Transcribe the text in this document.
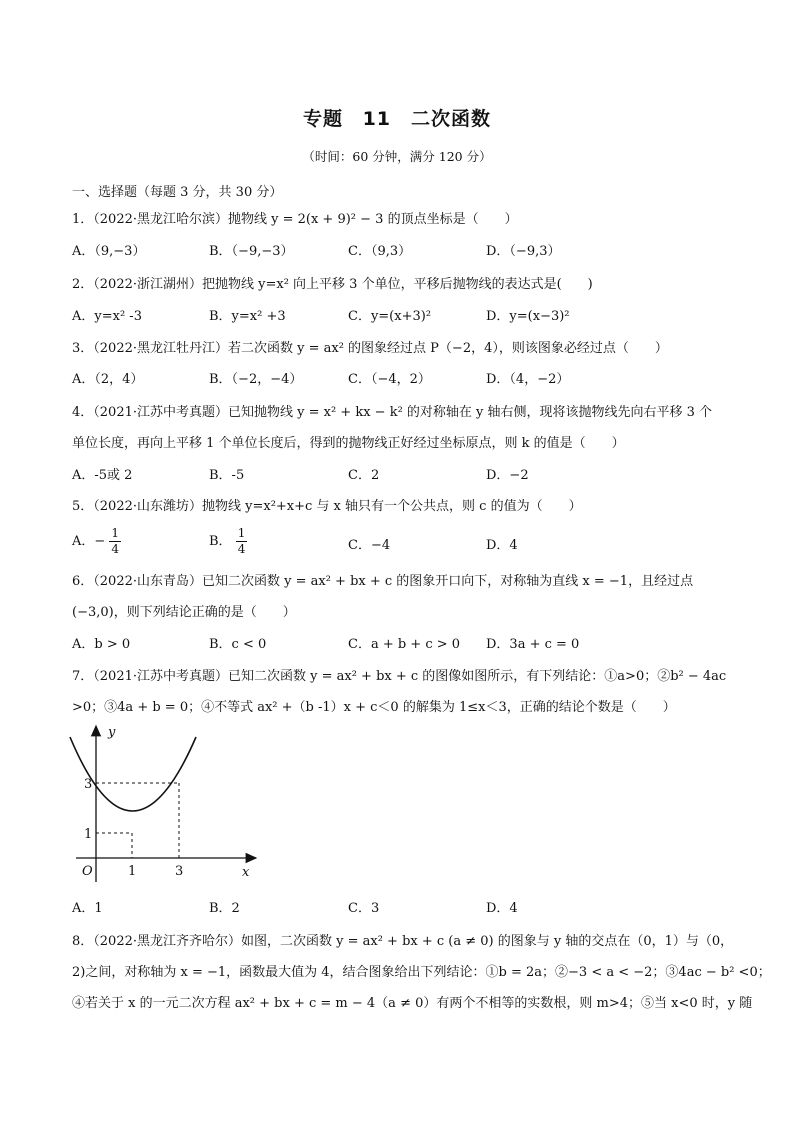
专题 11　二次函数
（时间：60 分钟，满分 120 分）
一、选择题（每题 3 分，共 30 分）
1．（2022·黑龙江哈尔滨）抛物线 y = 2(x + 9)² − 3 的顶点坐标是（　　）
A．（9,−3）	B．（−9,−3）	C．（9,3）	D．（−9,3）
2．（2022·浙江湖州）把抛物线 y=x² 向上平移 3 个单位，平移后抛物线的表达式是(　　)
A．y=x² -3	B．y=x² +3	C．y=(x+3)²	D．y=(x−3)²
3．（2022·黑龙江牡丹江）若二次函数 y = ax² 的图象经过点 P（−2，4），则该图象必经过点（　　）
A．（2，4）	B．（−2，−4）	C．（−4，2）	D．（4，−2）
4．（2021·江苏中考真题）已知抛物线 y = x² + kx − k² 的对称轴在 y 轴右侧，现将该抛物线先向右平移 3 个
单位长度，再向上平移 1 个单位长度后，得到的抛物线正好经过坐标原点，则 k 的值是（　　）
A．-5或 2	B．-5	C．2	D．−2
5．（2022·山东潍坊）抛物线 y=x²+x+c 与 x 轴只有一个公共点，则 c 的值为（　　）
A．− $\frac{1}{4}$	B． $\frac{1}{4}$	C．−4	D．4
6．（2022·山东青岛）已知二次函数 y = ax² + bx + c 的图象开口向下，对称轴为直线 x = −1，且经过点
(−3,0)，则下列结论正确的是（　　）
A．b > 0	B．c < 0	C．a + b + c > 0 D．3a + c = 0
7．（2021·江苏中考真题）已知二次函数 y = ax² + bx + c 的图像如图所示，有下列结论：①a>0；②b² − 4ac
>0；③4a + b = 0；④不等式 ax² +（b -1）x + c＜0 的解集为 1≤x＜3，正确的结论个数是（　　）
y
x
O	1	3
1
3
A．1	B．2	C．3	D．4
8．（2022·黑龙江齐齐哈尔）如图，二次函数 y = ax² + bx + c (a ≠ 0) 的图象与 y 轴的交点在（0，1）与（0，
2)之间，对称轴为 x = −1，函数最大值为 4，结合图象给出下列结论：①b = 2a；②−3 < a < −2；③4ac − b² <0；
④若关于 x 的一元二次方程 ax² + bx + c = m − 4（a ≠ 0）有两个不相等的实数根，则 m>4；⑤当 x<0 时，y 随
